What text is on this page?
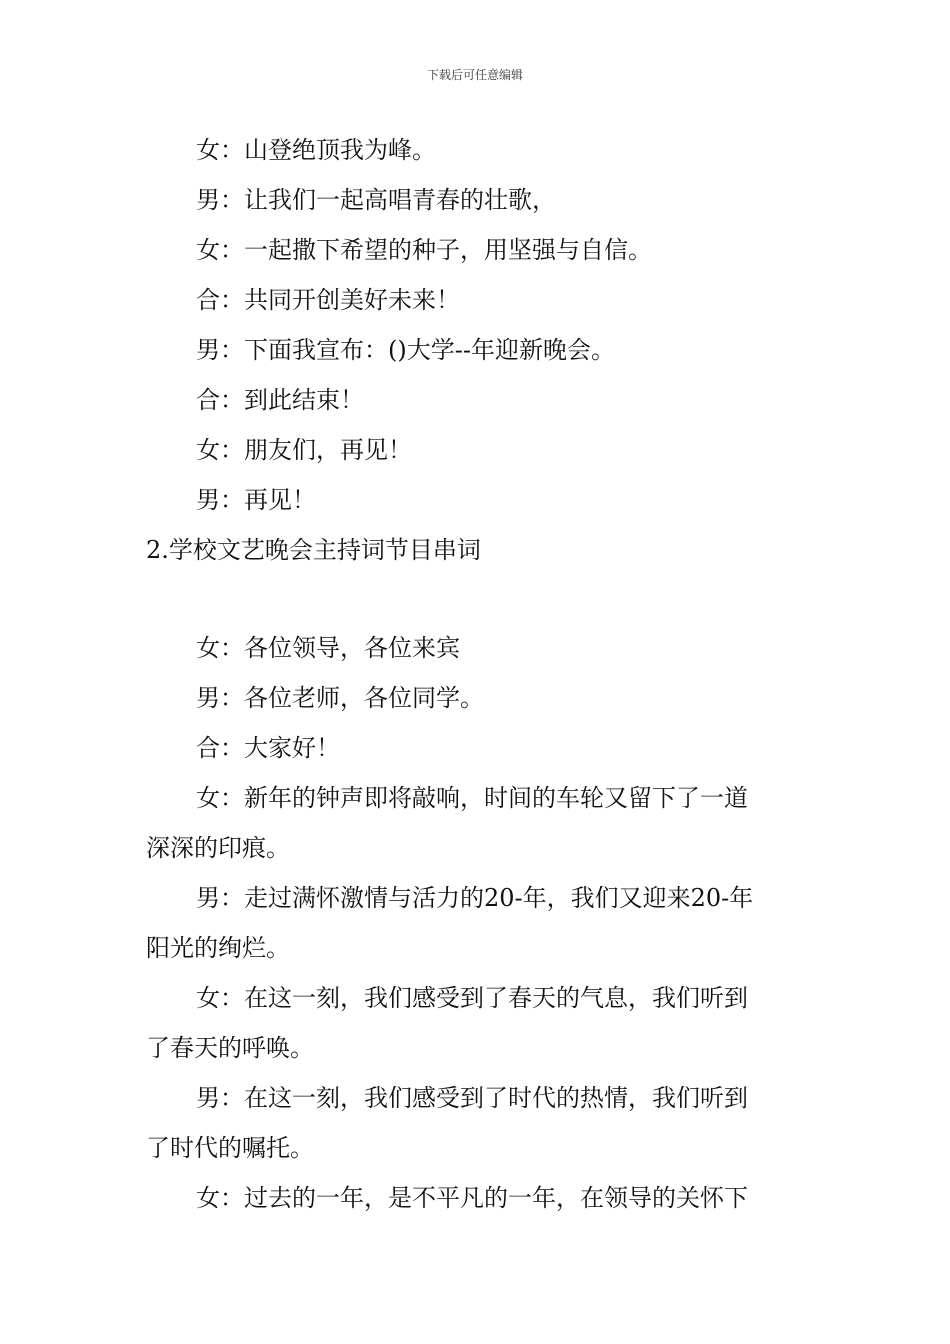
下载后可任意编辑
女：山登绝顶我为峰。
男：让我们一起高唱青春的壮歌，
女：一起撒下希望的种子，用坚强与自信。
合：共同开创美好未来！
男：下面我宣布：()大学--年迎新晚会。
合：到此结束！
女：朋友们，再见！
男：再见！
2.学校文艺晚会主持词节目串词
女：各位领导，各位来宾
男：各位老师，各位同学。
合：大家好！
女：新年的钟声即将敲响，时间的车轮又留下了一道
深深的印痕。
男：走过满怀激情与活力的20-年，我们又迎来20-年
阳光的绚烂。
女：在这一刻，我们感受到了春天的气息，我们听到
了春天的呼唤。
男：在这一刻，我们感受到了时代的热情，我们听到
了时代的嘱托。
女：过去的一年，是不平凡的一年，在领导的关怀下
